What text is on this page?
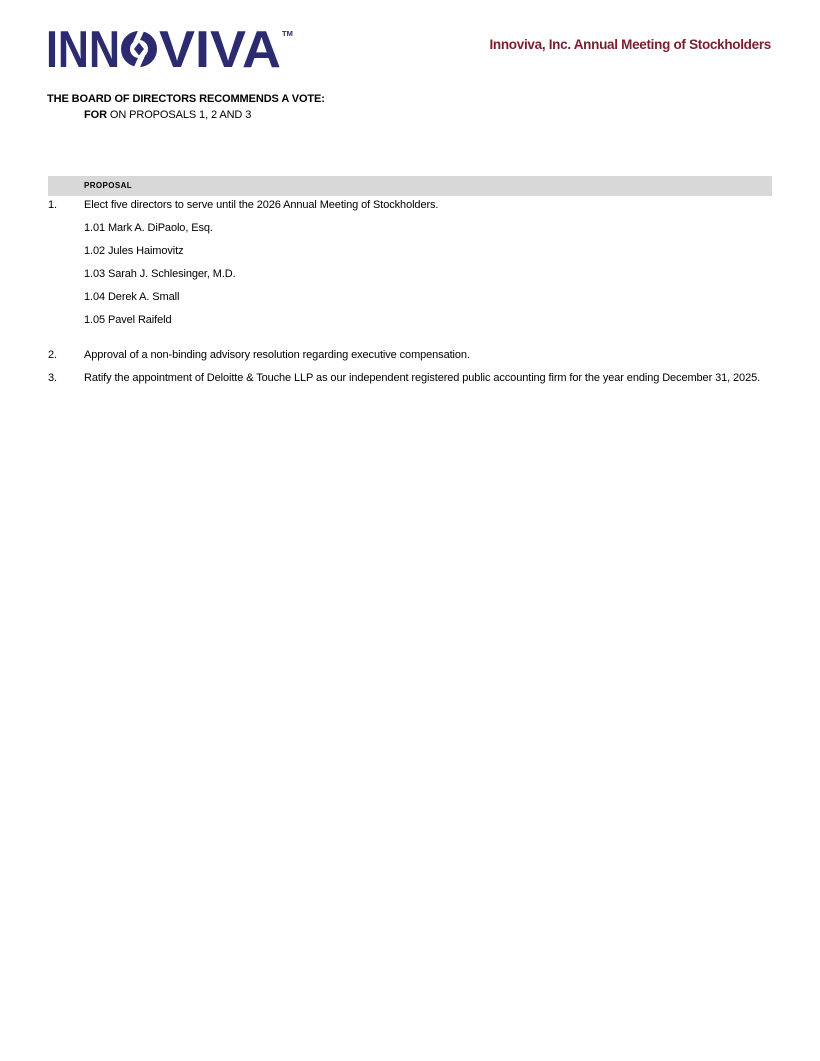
INN VIVA TM
Innoviva, Inc. Annual Meeting of Stockholders
THE BOARD OF DIRECTORS RECOMMENDS A VOTE:
FOR ON PROPOSALS 1, 2 AND 3
PROPOSAL
1. Elect five directors to serve until the 2026 Annual Meeting of Stockholders.
1.01 Mark A. DiPaolo, Esq.
1.02 Jules Haimovitz
1.03 Sarah J. Schlesinger, M.D.
1.04 Derek A. Small
1.05 Pavel Raifeld
2. Approval of a non-binding advisory resolution regarding executive compensation.
3. Ratify the appointment of Deloitte & Touche LLP as our independent registered public accounting firm for the year ending December 31, 2025.
